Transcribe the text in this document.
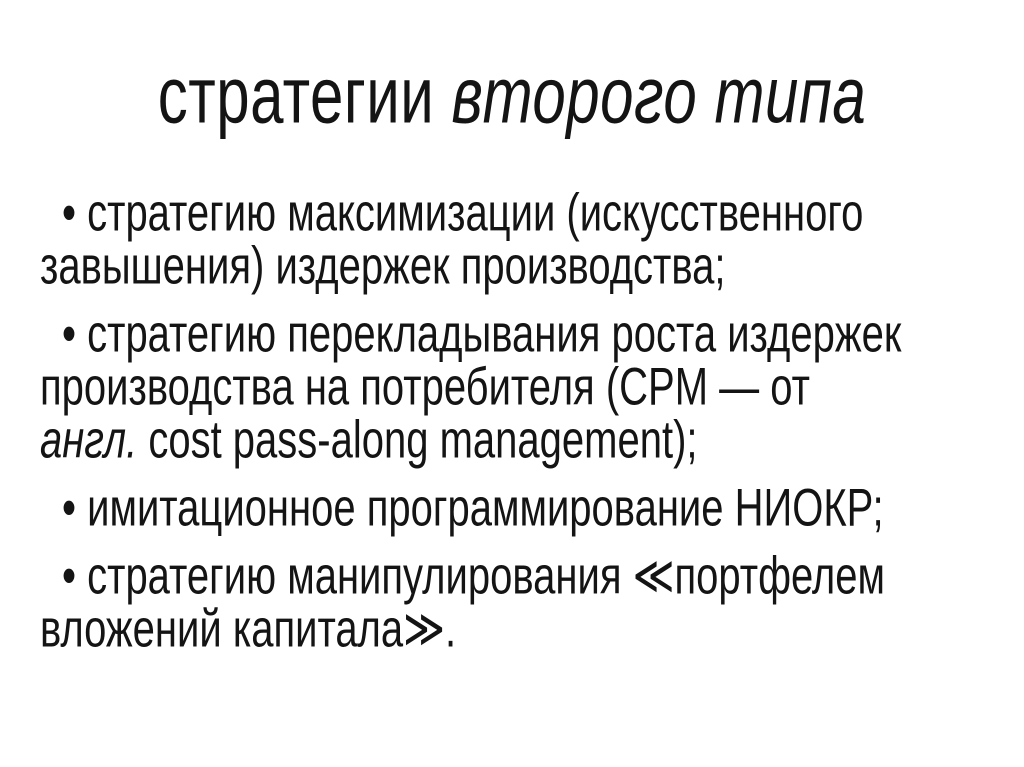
стратегии второго типа
• стратегию максимизации (искусственного
завышения) издержек производства;
• стратегию перекладывания роста издержек
производства на потребителя (CPM — от
англ. cost pass-along management);
• имитационное программирование НИОКР;
• стратегию манипулирования ≪портфелем
вложений капитала≫.
